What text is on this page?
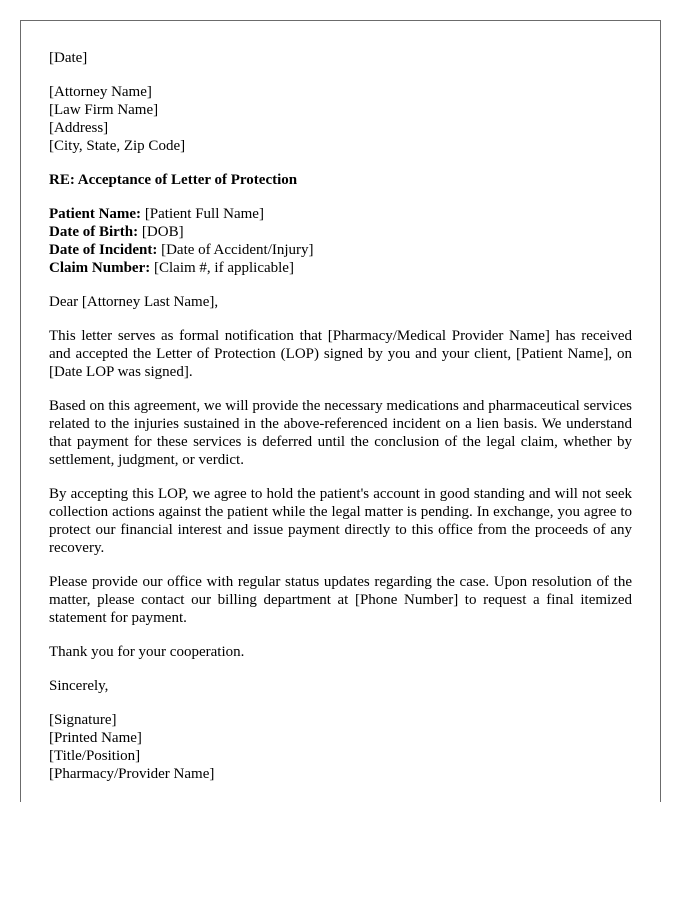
[Date]
[Attorney Name]
[Law Firm Name]
[Address]
[City, State, Zip Code]
RE: Acceptance of Letter of Protection
Patient Name: [Patient Full Name]
Date of Birth: [DOB]
Date of Incident: [Date of Accident/Injury]
Claim Number: [Claim #, if applicable]
Dear [Attorney Last Name],

This letter serves as formal notification that [Pharmacy/Medical Provider Name] has received and accepted the Letter of Protection (LOP) signed by you and your client, [Patient Name], on [Date LOP was signed].

Based on this agreement, we will provide the necessary medications and pharmaceutical services related to the injuries sustained in the above-referenced incident on a lien basis. We understand that payment for these services is deferred until the conclusion of the legal claim, whether by settlement, judgment, or verdict.

By accepting this LOP, we agree to hold the patient's account in good standing and will not seek collection actions against the patient while the legal matter is pending. In exchange, you agree to protect our financial interest and issue payment directly to this office from the proceeds of any recovery.

Please provide our office with regular status updates regarding the case. Upon resolution of the matter, please contact our billing department at [Phone Number] to request a final itemized statement for payment.

Thank you for your cooperation.
Sincerely,
[Signature]
[Printed Name]
[Title/Position]
[Pharmacy/Provider Name]
